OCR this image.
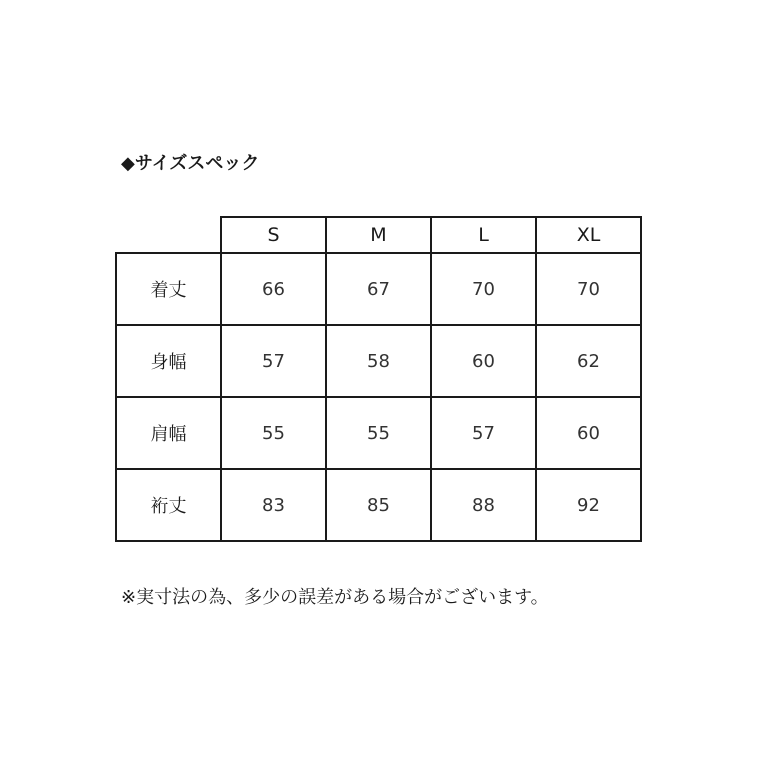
◆サイズスペック
	S	M	L	XL
着丈	66	67	70	70
身幅	57	58	60	62
肩幅	55	55	57	60
裄丈	83	85	88	92
※実寸法の為、多少の誤差がある場合がございます。
